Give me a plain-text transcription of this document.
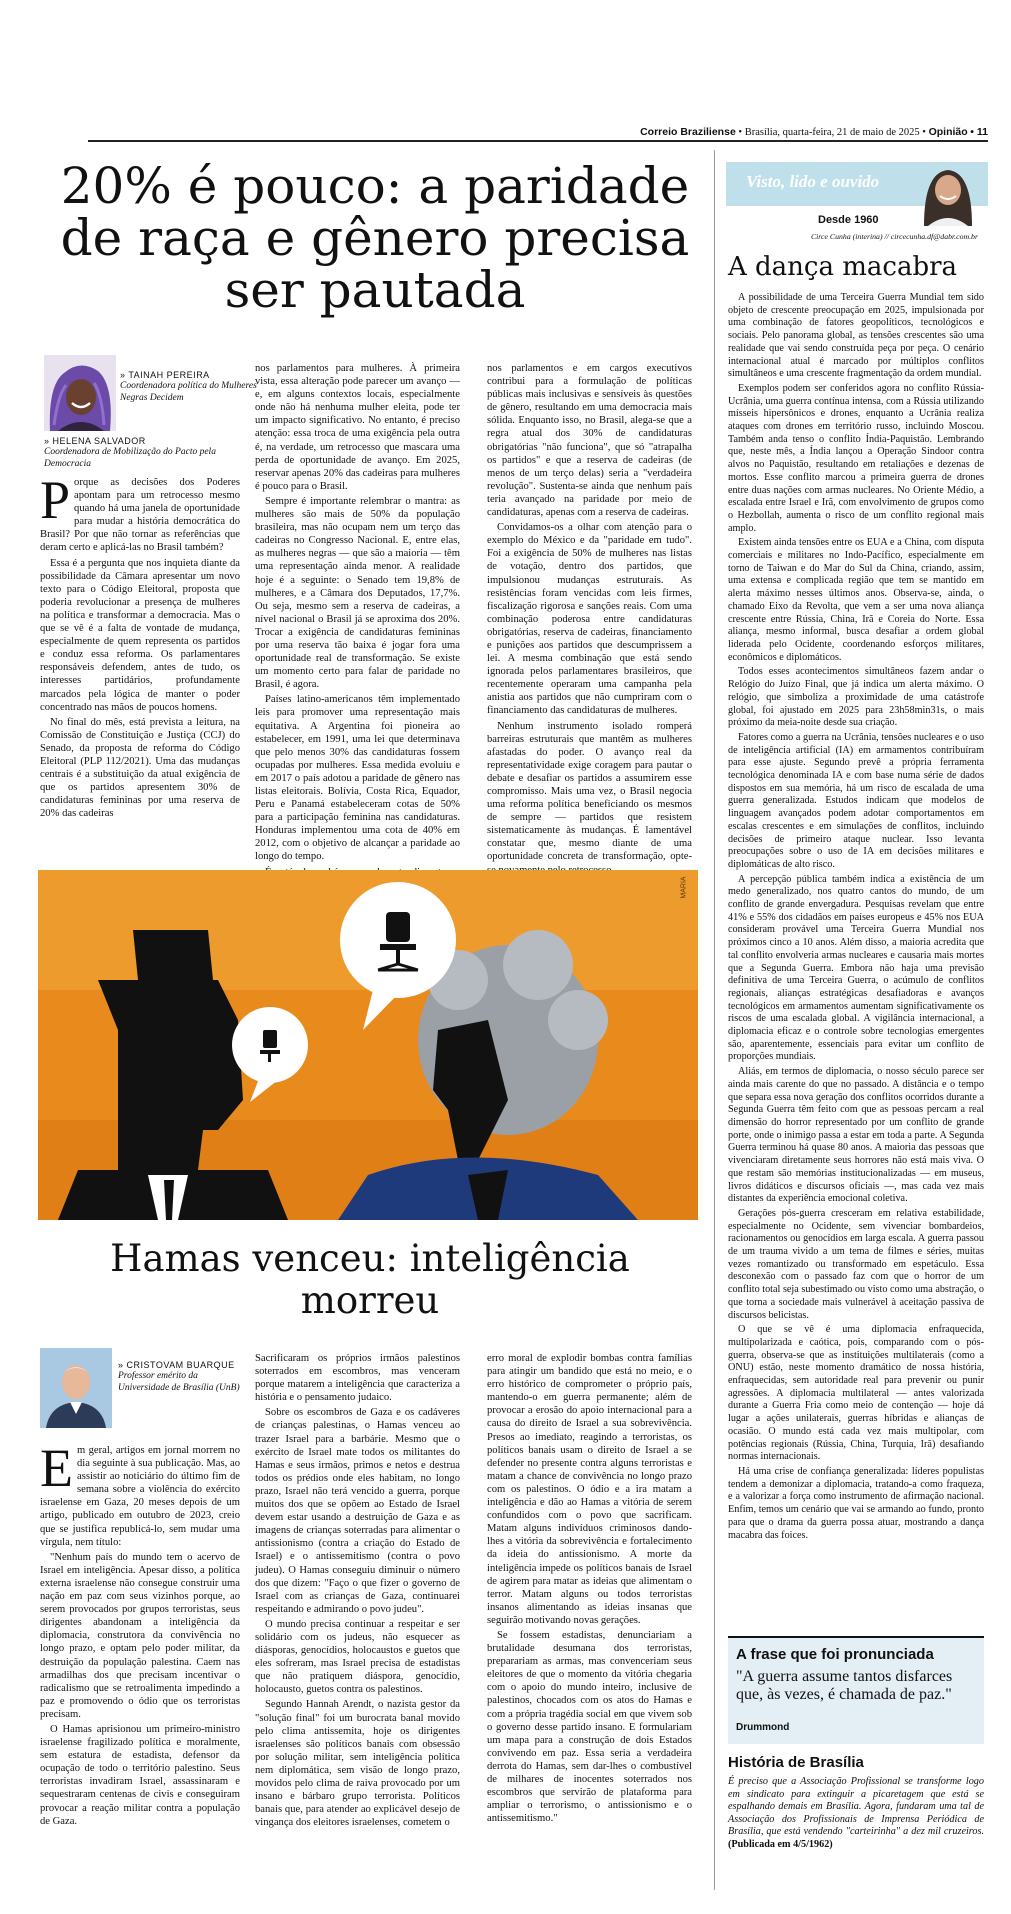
Correio Braziliense • Brasília, quarta-feira, 21 de maio de 2025 • Opinião • 11
20% é pouco: a paridade de raça e gênero precisa ser pautada
» TAINAH PEREIRA
Coordenadora política do Mulheres Negras Decidem
» HELENA SALVADOR
Coordenadora de Mobilização do Pacto pela Democracia
P orque as decisões dos Poderes apontam para um retrocesso mesmo quando há uma janela de oportunidade para mudar a história democrática do Brasil? Por que não tornar as referências que deram certo e aplicá-las no Brasil também?

Essa é a pergunta que nos inquieta diante da possibilidade da Câmara apresentar um novo texto para o Código Eleitoral, proposta que poderia revolucionar a presença de mulheres na política e transformar a democracia. Mas o que se vê é a falta de vontade de mudança, especialmente de quem representa os partidos e conduz essa reforma. Os parlamentares responsáveis defendem, antes de tudo, os interesses partidários, profundamente marcados pela lógica de manter o poder concentrado nas mãos de poucos homens.

No final do mês, está prevista a leitura, na Comissão de Constituição e Justiça (CCJ) do Senado, da proposta de reforma do Código Eleitoral (PLP 112/2021). Uma das mudanças centrais é a substituição da atual exigência de que os partidos apresentem 30% de candidaturas femininas por uma reserva de 20% das cadeiras

nos parlamentos para mulheres. À primeira vista, essa alteração pode parecer um avanço — e, em alguns contextos locais, especialmente onde não há nenhuma mulher eleita, pode ter um impacto significativo. No entanto, é preciso atenção: essa troca de uma exigência pela outra é, na verdade, um retrocesso que mascara uma perda de oportunidade de avanço. Em 2025, reservar apenas 20% das cadeiras para mulheres é pouco para o Brasil.

Sempre é importante relembrar o mantra: as mulheres são mais de 50% da população brasileira, mas não ocupam nem um terço das cadeiras no Congresso Nacional. E, entre elas, as mulheres negras — que são a maioria — têm uma representação ainda menor. A realidade hoje é a seguinte: o Senado tem 19,8% de mulheres, e a Câmara dos Deputados, 17,7%. Ou seja, mesmo sem a reserva de cadeiras, a nível nacional o Brasil já se aproxima dos 20%. Trocar a exigência de candidaturas femininas por uma reserva tão baixa é jogar fora uma oportunidade real de transformação. Se existe um momento certo para falar de paridade no Brasil, é agora.

Países latino-americanos têm implementado leis para promover uma representação mais equitativa. A Argentina foi pioneira ao estabelecer, em 1991, uma lei que determinava que pelo menos 30% das candidaturas fossem ocupadas por mulheres. Essa medida evoluiu e em 2017 o país adotou a paridade de gênero nas listas eleitorais. Bolívia, Costa Rica, Equador, Peru e Panamá estabeleceram cotas de 50% para a participação feminina nas candidaturas. Honduras implementou uma cota de 40% em 2012, com o objetivo de alcançar a paridade ao longo do tempo.

nos parlamentos e em cargos executivos contribui para a formulação de políticas públicas mais inclusivas e sensíveis às questões de gênero, resultando em uma democracia mais sólida. Enquanto isso, no Brasil, alega-se que a regra atual dos 30% de candidaturas obrigatórias "não funciona", que só "atrapalha os partidos" e que a reserva de cadeiras (de menos de um terço delas) seria a "verdadeira revolução". Sustenta-se ainda que nenhum país teria avançado na paridade por meio de candidaturas, apenas com a reserva de cadeiras.

Convidamos-os a olhar com atenção para o exemplo do México e da "paridade em tudo". Foi a exigência de 50% de mulheres nas listas de votação, dentro dos partidos, que impulsionou mudanças estruturais. As resistências foram vencidas com leis firmes, fiscalização rigorosa e sanções reais. Com uma combinação poderosa entre candidaturas obrigatórias, reserva de cadeiras, financiamento e punições aos partidos que descumprissem a lei. A mesma combinação que está sendo ignorada pelos parlamentares brasileiros, que recentemente operaram uma campanha pela anistia aos partidos que não cumpriram com o financiamento das candidaturas de mulheres.

Nenhum instrumento isolado romperá barreiras estruturais que mantêm as mulheres afastadas do poder. O avanço real da representatividade exige coragem para pautar o debate e desafiar os partidos a assumirem esse compromisso. Mais uma vez, o Brasil negocia uma reforma política beneficiando os mesmos de sempre — partidos que resistem sistematicamente às mudanças. É lamentável constatar que, mesmo diante de uma oportunidade concreta de transformação, opte-

MARIA
Hamas venceu: inteligência morreu
» CRISTOVAM BUARQUE
Professor emérito da Universidade de Brasília (UnB)
E m geral, artigos em jornal morrem no dia seguinte à sua publicação. Mas, ao assistir ao noticiário do último fim de semana sobre a violência do exército israelense em Gaza, 20 meses depois de um artigo, publicado em outubro de 2023, creio que se justifica republicá-lo, sem mudar uma vírgula, nem título:

"Nenhum país do mundo tem o acervo de Israel em inteligência. Apesar disso, a política externa israelense não consegue construir uma nação em paz com seus vizinhos porque, ao serem provocados por grupos terroristas, seus dirigentes abandonam a inteligência da diplomacia, construtora da convivência no longo prazo, e optam pelo poder militar, da destruição da população palestina. Caem nas armadilhas dos que precisam incentivar o radicalismo que se retroalimenta impedindo a paz e promovendo o ódio que os terroristas precisam.

O Hamas aprisionou um primeiro-ministro israelense fragilizado política e moralmente, sem estatura de estadista, defensor da ocupação de todo o território palestino. Seus terroristas invadiram Israel, assassinaram e sequestraram centenas de civis e conseguiram provocar a reação militar contra a população de Gaza.

Sacrificaram os próprios irmãos palestinos soterrados em escombros, mas venceram porque matarem a inteligência que caracteriza a história e o pensamento judaico.

Sobre os escombros de Gaza e os cadáveres de crianças palestinas, o Hamas venceu ao trazer Israel para a barbárie. Mesmo que o exército de Israel mate todos os militantes do Hamas e seus irmãos, primos e netos e destrua todos os prédios onde eles habitam, no longo prazo, Israel não terá vencido a guerra, porque muitos dos que se opõem ao Estado de Israel devem estar usando a destruição de Gaza e as imagens de crianças soterradas para alimentar o antissionismo (contra a criação do Estado de Israel) e o antissemitismo (contra o povo judeu). O Hamas conseguiu diminuir o número dos que dizem: "Faço o que fizer o governo de Israel com as crianças de Gaza, continuarei respeitando e admirando o povo judeu".

O mundo precisa continuar a respeitar e ser solidário com os judeus, não esquecer as diásporas, genocídios, holocaustos e guetos que eles sofreram, mas Israel precisa de estadistas que não pratiquem diáspora, genocídio, holocausto, guetos contra os palestinos.

Segundo Hannah Arendt, o nazista gestor da "solução final" foi um burocrata banal movido pelo clima antissemita, hoje os dirigentes israelenses são políticos banais com obsessão por solução militar, sem inteligência política nem diplomática, sem visão de longo prazo, movidos pelo clima de raiva provocado por um insano e bárbaro grupo terrorista. Políticos banais que, para atender ao explicável desejo de vingança dos eleitores israelenses, cometem o

erro moral de explodir bombas contra famílias para atingir um bandido que está no meio, e o erro histórico de comprometer o próprio país, mantendo-o em guerra permanente; além de provocar a erosão do apoio internacional para a causa do direito de Israel a sua sobrevivência. Presos ao imediato, reagindo a terroristas, os políticos banais usam o direito de Israel a se defender no presente contra alguns terroristas e matam a chance de convivência no longo prazo com os palestinos. O ódio e a ira matam a inteligência e dão ao Hamas a vitória de serem confundidos com o povo que sacrificam. Matam alguns indivíduos criminosos dando-lhes a vitória da sobrevivência e fortalecimento da ideia do antissionismo. A morte da inteligência impede os políticos banais de Israel de agirem para matar as ideias que alimentam o terror. Matam alguns ou todos terroristas insanos alimentando as ideias insanas que seguirão motivando novas gerações.

Se fossem estadistas, denunciariam a brutalidade desumana dos terroristas, preparariam as armas, mas convenceriam seus eleitores de que o momento da vitória chegaria com o apoio do mundo inteiro, inclusive de palestinos, chocados com os atos do Hamas e com a própria tragédia social em que vivem sob o governo desse partido insano. E formulariam um mapa para a construção de dois Estados convivendo em paz. Essa seria a verdadeira derrota do Hamas, sem dar-lhes o combustível de milhares de inocentes soterrados nos escombros que servirão de plataforma para ampliar o terrorismo, o antissionismo e o antissemitismo."

Visto, lido e ouvido
Desde 1960
Circe Cunha (interina) // circecunha.df@dabr.com.br
A dança macabra

A possibilidade de uma Terceira Guerra Mundial tem sido objeto de crescente preocupação em 2025, impulsionada por uma combinação de fatores geopolíticos, tecnológicos e sociais. Pelo panorama global, as tensões crescentes são uma realidade que vai sendo construída peça por peça. O cenário internacional atual é marcado por múltiplos conflitos simultâneos e uma crescente fragmentação da ordem mundial.

Exemplos podem ser conferidos agora no conflito Rússia-Ucrânia, uma guerra contínua intensa, com a Rússia utilizando mísseis hipersônicos e drones, enquanto a Ucrânia realiza ataques com drones em território russo, incluindo Moscou. Também anda tenso o conflito Índia-Paquistão. Lembrando que, neste mês, a Índia lançou a Operação Sindoor contra alvos no Paquistão, resultando em retaliações e dezenas de mortos. Esse conflito marcou a primeira guerra de drones entre duas nações com armas nucleares. No Oriente Médio, a escalada entre Israel e Irã, com envolvimento de grupos como o Hezbollah, aumenta o risco de um conflito regional mais amplo.

Existem ainda tensões entre os EUA e a China, com disputa comerciais e militares no Indo-Pacífico, especialmente em torno de Taiwan e do Mar do Sul da China, criando, assim, uma extensa e complicada região que tem se mantido em alerta máximo nesses últimos anos. Observa-se, ainda, o chamado Eixo da Revolta, que vem a ser uma nova aliança crescente entre Rússia, China, Irã e Coreia do Norte. Essa aliança, mesmo informal, busca desafiar a ordem global liderada pelo Ocidente, coordenando esforços militares, econômicos e diplomáticos.

Todos esses acontecimentos simultâneos fazem andar o Relógio do Juízo Final, que já indica um alerta máximo. O relógio, que simboliza a proximidade de uma catástrofe global, foi ajustado em 2025 para 23h58min31s, o mais próximo da meia-noite desde sua criação.

Fatores como a guerra na Ucrânia, tensões nucleares e o uso de inteligência artificial (IA) em armamentos contribuíram para esse ajuste. Segundo prevê a própria ferramenta tecnológica denominada IA e com base numa série de dados dispostos em sua memória, há um risco de escalada de uma guerra generalizada. Estudos indicam que modelos de linguagem avançados podem adotar comportamentos em escalas crescentes e em simulações de conflitos, incluindo decisões de primeiro ataque nuclear. Isso levanta preocupações sobre o uso de IA em decisões militares e diplomáticas de alto risco.

A percepção pública também indica a existência de um medo generalizado, nos quatro cantos do mundo, de um conflito de grande envergadura. Pesquisas revelam que entre 41% e 55% dos cidadãos em países europeus e 45% nos EUA consideram provável uma Terceira Guerra Mundial nos próximos cinco a 10 anos. Além disso, a maioria acredita que tal conflito envolveria armas nucleares e causaria mais mortes que a Segunda Guerra. Embora não haja uma previsão definitiva de uma Terceira Guerra, o acúmulo de conflitos regionais, alianças estratégicas desafiadoras e avanços tecnológicos em armamentos aumentam significativamente os riscos de uma escalada global. A vigilância internacional, a diplomacia eficaz e o controle sobre tecnologias emergentes são, aparentemente, essenciais para evitar um conflito de proporções mundiais.

Aliás, em termos de diplomacia, o nosso século parece ser ainda mais carente do que no passado. A distância e o tempo que separa essa nova geração dos conflitos ocorridos durante a Segunda Guerra têm feito com que as pessoas percam a real dimensão do horror representado por um conflito de grande porte, onde o inimigo passa a estar em toda a parte. A Segunda Guerra terminou há quase 80 anos. A maioria das pessoas que vivenciaram diretamente seus horrores não está mais viva. O que restam são memórias institucionalizadas — em museus, livros didáticos e discursos oficiais —, mas cada vez mais distantes da experiência emocional coletiva.

Gerações pós-guerra cresceram em relativa estabilidade, especialmente no Ocidente, sem vivenciar bombardeios, racionamentos ou genocídios em larga escala. A guerra passou de um trauma vivido a um tema de filmes e séries, muitas vezes romantizado ou transformado em espetáculo. Essa desconexão com o passado faz com que o horror de um conflito total seja subestimado ou visto como uma abstração, o que torna a sociedade mais vulnerável à aceitação passiva de discursos belicistas.

O que se vê é uma diplomacia enfraquecida, multipolarizada e caótica, pois, comparando com o pós-guerra, observa-se que as instituições multilaterais (como a ONU) estão, neste momento dramático de nossa história, enfraquecidas, sem autoridade real para prevenir ou punir agressões. A diplomacia multilateral — antes valorizada durante a Guerra Fria como meio de contenção — hoje dá lugar a ações unilaterais, guerras híbridas e alianças de ocasião. O mundo está cada vez mais multipolar, com potências regionais (Rússia, China, Turquia, Irã) desafiando normas internacionais.

Há uma crise de confiança generalizada: líderes populistas tendem a demonizar a diplomacia, tratando-a como fraqueza, e a valorizar a força como instrumento de afirmação nacional. Enfim, temos um cenário que vai se armando ao fundo, pronto para que o drama da guerra possa atuar, mostrando a dança macabra das foices.

A frase que foi pronunciada
"A guerra assume tantos disfarces que, às vezes, é chamada de paz."
Drummond
História de Brasília
É preciso que a Associação Profissional se transforme logo em sindicato para extinguir a picaretagem que está se espalhando demais em Brasília. Agora, fundaram uma tal de Associação dos Profissionais de Imprensa Periódica de Brasília, que está vendendo "carteirinha" a dez mil cruzeiros. (Publicada em 4/5/1962)
